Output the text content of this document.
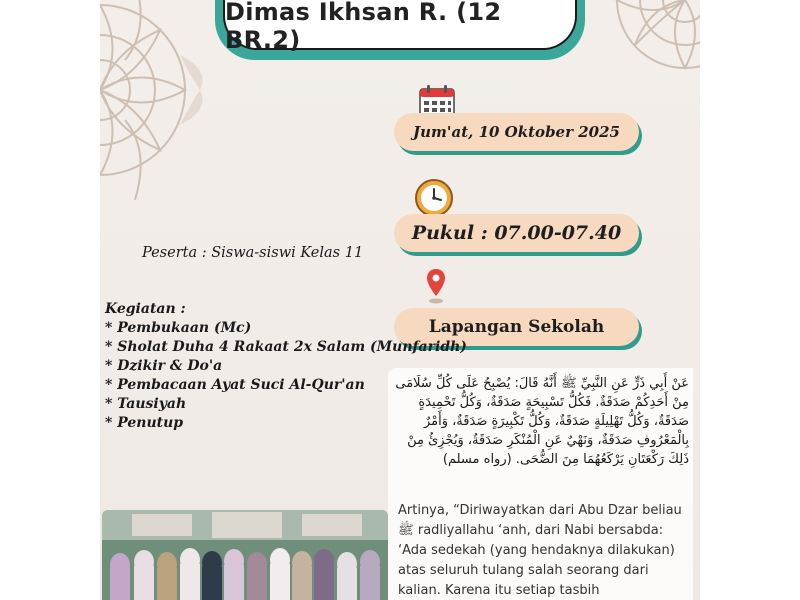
Dimas Ikhsan R. (12 BR.2)
Jum'at, 10 Oktober 2025
Pukul : 07.00-07.40
Lapangan Sekolah
Peserta : Siswa-siswi Kelas 11
Kegiatan :
* Pembukaan (Mc)
* Sholat Duha 4 Rakaat 2x Salam (Munfaridh)
* Dzikir & Do'a
* Pembacaan Ayat Suci Al-Qur'an
* Tausiyah
* Penutup
عَنْ أَبِي ذَرٍّ عَنِ النَّبِيِّ ﷺ أَنَّهُ قَالَ: يُصْبِحُ عَلَى كُلِّ سُلَامَى مِنْ أَحَدِكُمْ صَدَقَةٌ. فَكُلُّ تَسْبِيحَةٍ صَدَقَةٌ، وَكُلُّ تَحْمِيدَةٍ صَدَقَةٌ، وَكُلُّ تَهْلِيلَةٍ صَدَقَةٌ، وَكُلُّ تَكْبِيرَةٍ صَدَقَةٌ، وَأَمْرٌ بِالْمَعْرُوفِ صَدَقَةٌ، وَنَهْيٌ عَنِ الْمُنْكَرِ صَدَقَةٌ، وَيُجْزِئُ مِنْ ذَلِكَ رَكْعَتَانِ يَرْكَعُهُمَا مِنَ الضُّحَى. (رواه مسلم)
Artinya, “Diriwayatkan dari Abu Dzar beliau ﷺ radliyallahu ‘anh, dari Nabi bersabda: ‘Ada sedekah (yang hendaknya dilakukan) atas seluruh tulang salah seorang dari kalian. Karena itu setiap tasbih
